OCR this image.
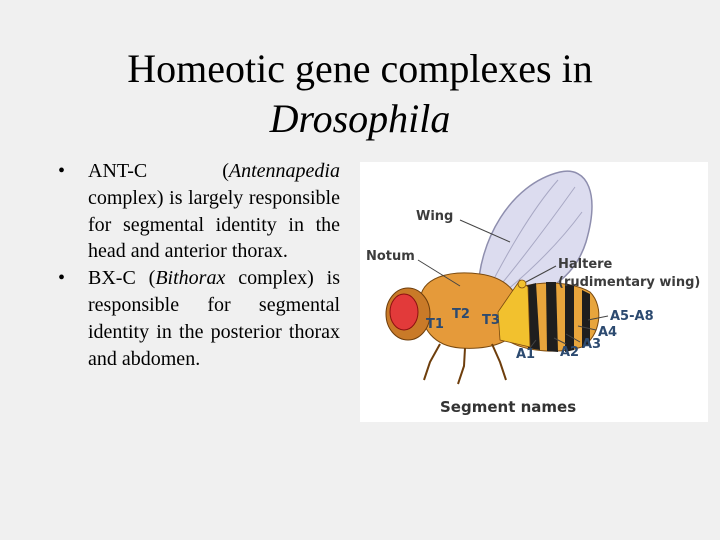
Homeotic gene complexes in
Drosophila
• ANT-C (Antennapedia complex) is largely responsible for segmental identity in the head and anterior thorax.
• BX-C (Bithorax complex) is responsible for segmental identity in the posterior thorax and abdomen.
Wing
Notum
Haltere
(rudimentary wing)
A5-A8
A4
A3
A2
A1
T1
T2 T3
Segment names
